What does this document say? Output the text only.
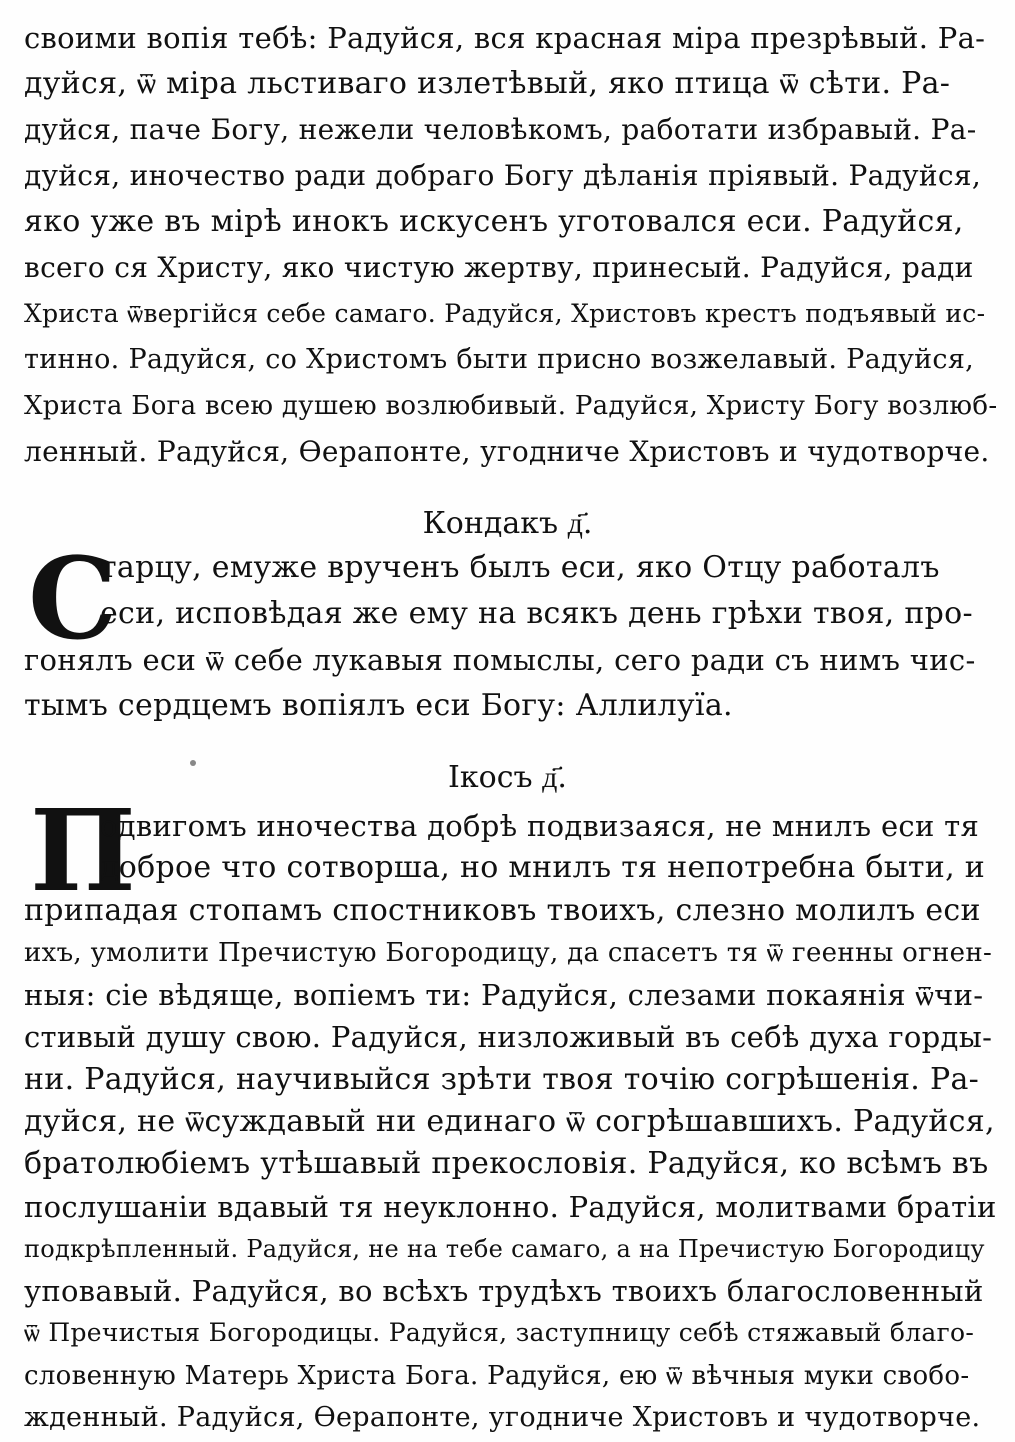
своими вопія тебѣ: Радуйся, вся красная міра презрѣвый. Ра-
дуйся, ѿ міра льстиваго излетѣвый, яко птица ѿ сѣти. Ра-
дуйся, паче Богу, нежели человѣкомъ, работати избравый. Ра-
дуйся, иночество ради добраго Богу дѣланія пріявый. Радуйся,
яко уже въ мірѣ инокъ искусенъ уготовался еси. Радуйся,
всего ся Христу, яко чистую жертву, принесый. Радуйся, ради
Христа ѿвергійся себе самаго. Радуйся, Христовъ крестъ подъявый ис-
тинно. Радуйся, со Христомъ быти присно возжелавый. Радуйся,
Христа Бога всею душею возлюбивый. Радуйся, Христу Богу возлюб-
ленный. Радуйся, Ѳерапонте, угодниче Христовъ и чудотворче.
Кондакъ д҃.
С
тарцу, емуже врученъ былъ еси, яко Отцу работалъ
еси, исповѣдая же ему на всякъ день грѣхи твоя, про-
гонялъ еси ѿ себе лукавыя помыслы, сего ради съ нимъ чис-
тымъ сердцемъ вопіялъ еси Богу: Аллилуїа.
Ікосъ д҃.
П
одвигомъ иночества добрѣ подвизаяся, не мнилъ еси тя
доброе что сотворша, но мнилъ тя непотребна быти, и
припадая стопамъ спостниковъ твоихъ, слезно молилъ еси
ихъ, умолити Пречистую Богородицу, да спасетъ тя ѿ геенны огнен-
ныя: сіе вѣдяще, вопіемъ ти: Радуйся, слезами покаянія ѿчи-
стивый душу свою. Радуйся, низложивый въ себѣ духа горды-
ни. Радуйся, научивыйся зрѣти твоя точію согрѣшенія. Ра-
дуйся, не ѿсуждавый ни единаго ѿ согрѣшавшихъ. Радуйся,
братолюбіемъ утѣшавый прекословія. Радуйся, ко всѣмъ въ
послушаніи вдавый тя неуклонно. Радуйся, молитвами братіи
подкрѣпленный. Радуйся, не на тебе самаго, а на Пречистую Богородицу
уповавый. Радуйся, во всѣхъ трудѣхъ твоихъ благословенный
ѿ Пречистыя Богородицы. Радуйся, заступницу себѣ стяжавый благо-
словенную Матерь Христа Бога. Радуйся, ею ѿ вѣчныя муки свобо-
жденный. Радуйся, Ѳерапонте, угодниче Христовъ и чудотворче.
